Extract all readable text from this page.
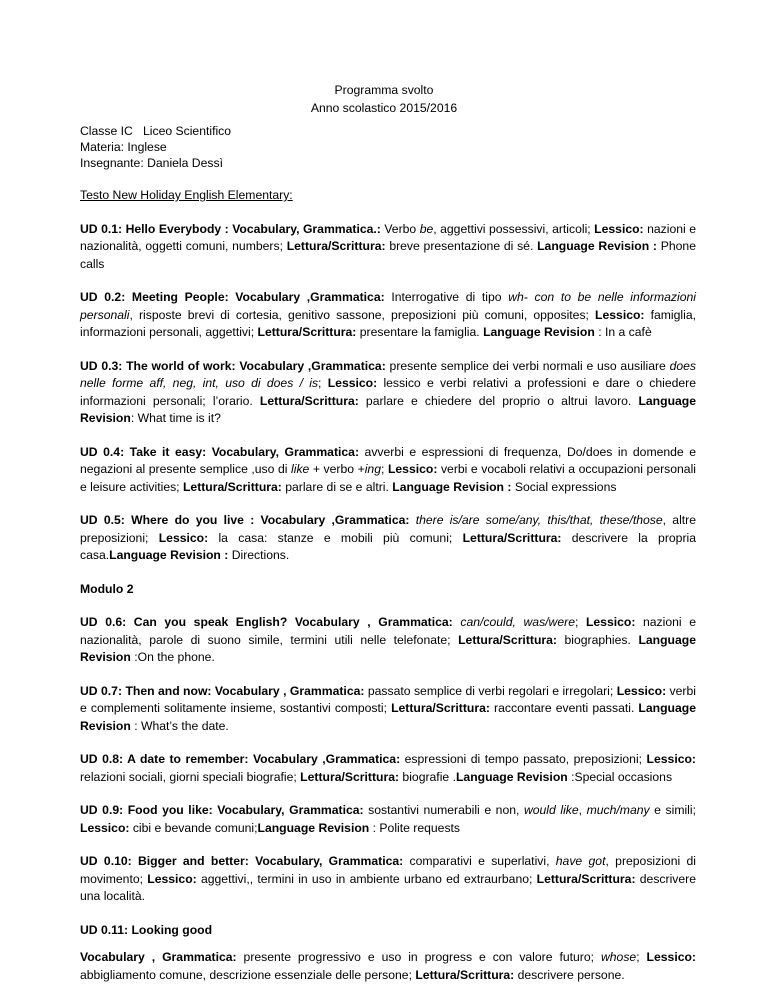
Programma svolto
Anno scolastico 2015/2016
Classe IC   Liceo Scientifico
Materia: Inglese
Insegnante: Daniela Dessì
Testo New Holiday English Elementary:
UD 0.1: Hello Everybody : Vocabulary, Grammatica.: Verbo be, aggettivi possessivi, articoli; Lessico: nazioni e nazionalità, oggetti comuni, numbers; Lettura/Scrittura: breve presentazione di sé. Language Revision : Phone calls
UD 0.2: Meeting People: Vocabulary ,Grammatica: Interrogative di tipo wh- con to be nelle informazioni personali, risposte brevi di cortesia, genitivo sassone, preposizioni più comuni, opposites; Lessico: famiglia, informazioni personali, aggettivi; Lettura/Scrittura: presentare la famiglia. Language Revision : In a cafè
UD 0.3: The world of work: Vocabulary ,Grammatica: presente semplice dei verbi normali e uso ausiliare does nelle forme aff, neg, int, uso di does / is; Lessico: lessico e verbi relativi a professioni e dare o chiedere informazioni personali; l’orario. Lettura/Scrittura: parlare e chiedere del proprio o altrui lavoro. Language Revision: What time is it?
UD 0.4: Take it easy: Vocabulary, Grammatica: avverbi e espressioni di frequenza, Do/does in domende e negazioni al presente semplice ,uso di like + verbo +ing; Lessico: verbi e vocaboli relativi a occupazioni personali e leisure activities; Lettura/Scrittura: parlare di se e altri. Language Revision : Social expressions
UD 0.5: Where do you live : Vocabulary ,Grammatica: there is/are some/any, this/that, these/those, altre preposizioni; Lessico: la casa: stanze e mobili più comuni; Lettura/Scrittura: descrivere la propria casa.Language Revision : Directions.
Modulo 2
UD 0.6: Can you speak English? Vocabulary , Grammatica: can/could, was/were; Lessico: nazioni e nazionalità, parole di suono simile, termini utili nelle telefonate; Lettura/Scrittura: biographies. Language Revision :On the phone.
UD 0.7: Then and now: Vocabulary , Grammatica: passato semplice di verbi regolari e irregolari; Lessico: verbi e complementi solitamente insieme, sostantivi composti; Lettura/Scrittura: raccontare eventi passati. Language Revision : What’s the date.
UD 0.8: A date to remember: Vocabulary ,Grammatica: espressioni di tempo passato, preposizioni; Lessico: relazioni sociali, giorni speciali biografie; Lettura/Scrittura: biografie .Language Revision :Special occasions
UD 0.9: Food you like: Vocabulary, Grammatica: sostantivi numerabili e non, would like, much/many e simili; Lessico: cibi e bevande comuni;Language Revision : Polite requests
UD 0.10: Bigger and better: Vocabulary, Grammatica: comparativi e superlativi, have got, preposizioni di movimento; Lessico: aggettivi,, termini in uso in ambiente urbano ed extraurbano; Lettura/Scrittura: descrivere una località.
UD 0.11: Looking good
Vocabulary , Grammatica: presente progressivo e uso in progress e con valore futuro; whose; Lessico: abbigliamento comune, descrizione essenziale delle persone; Lettura/Scrittura: descrivere persone.
